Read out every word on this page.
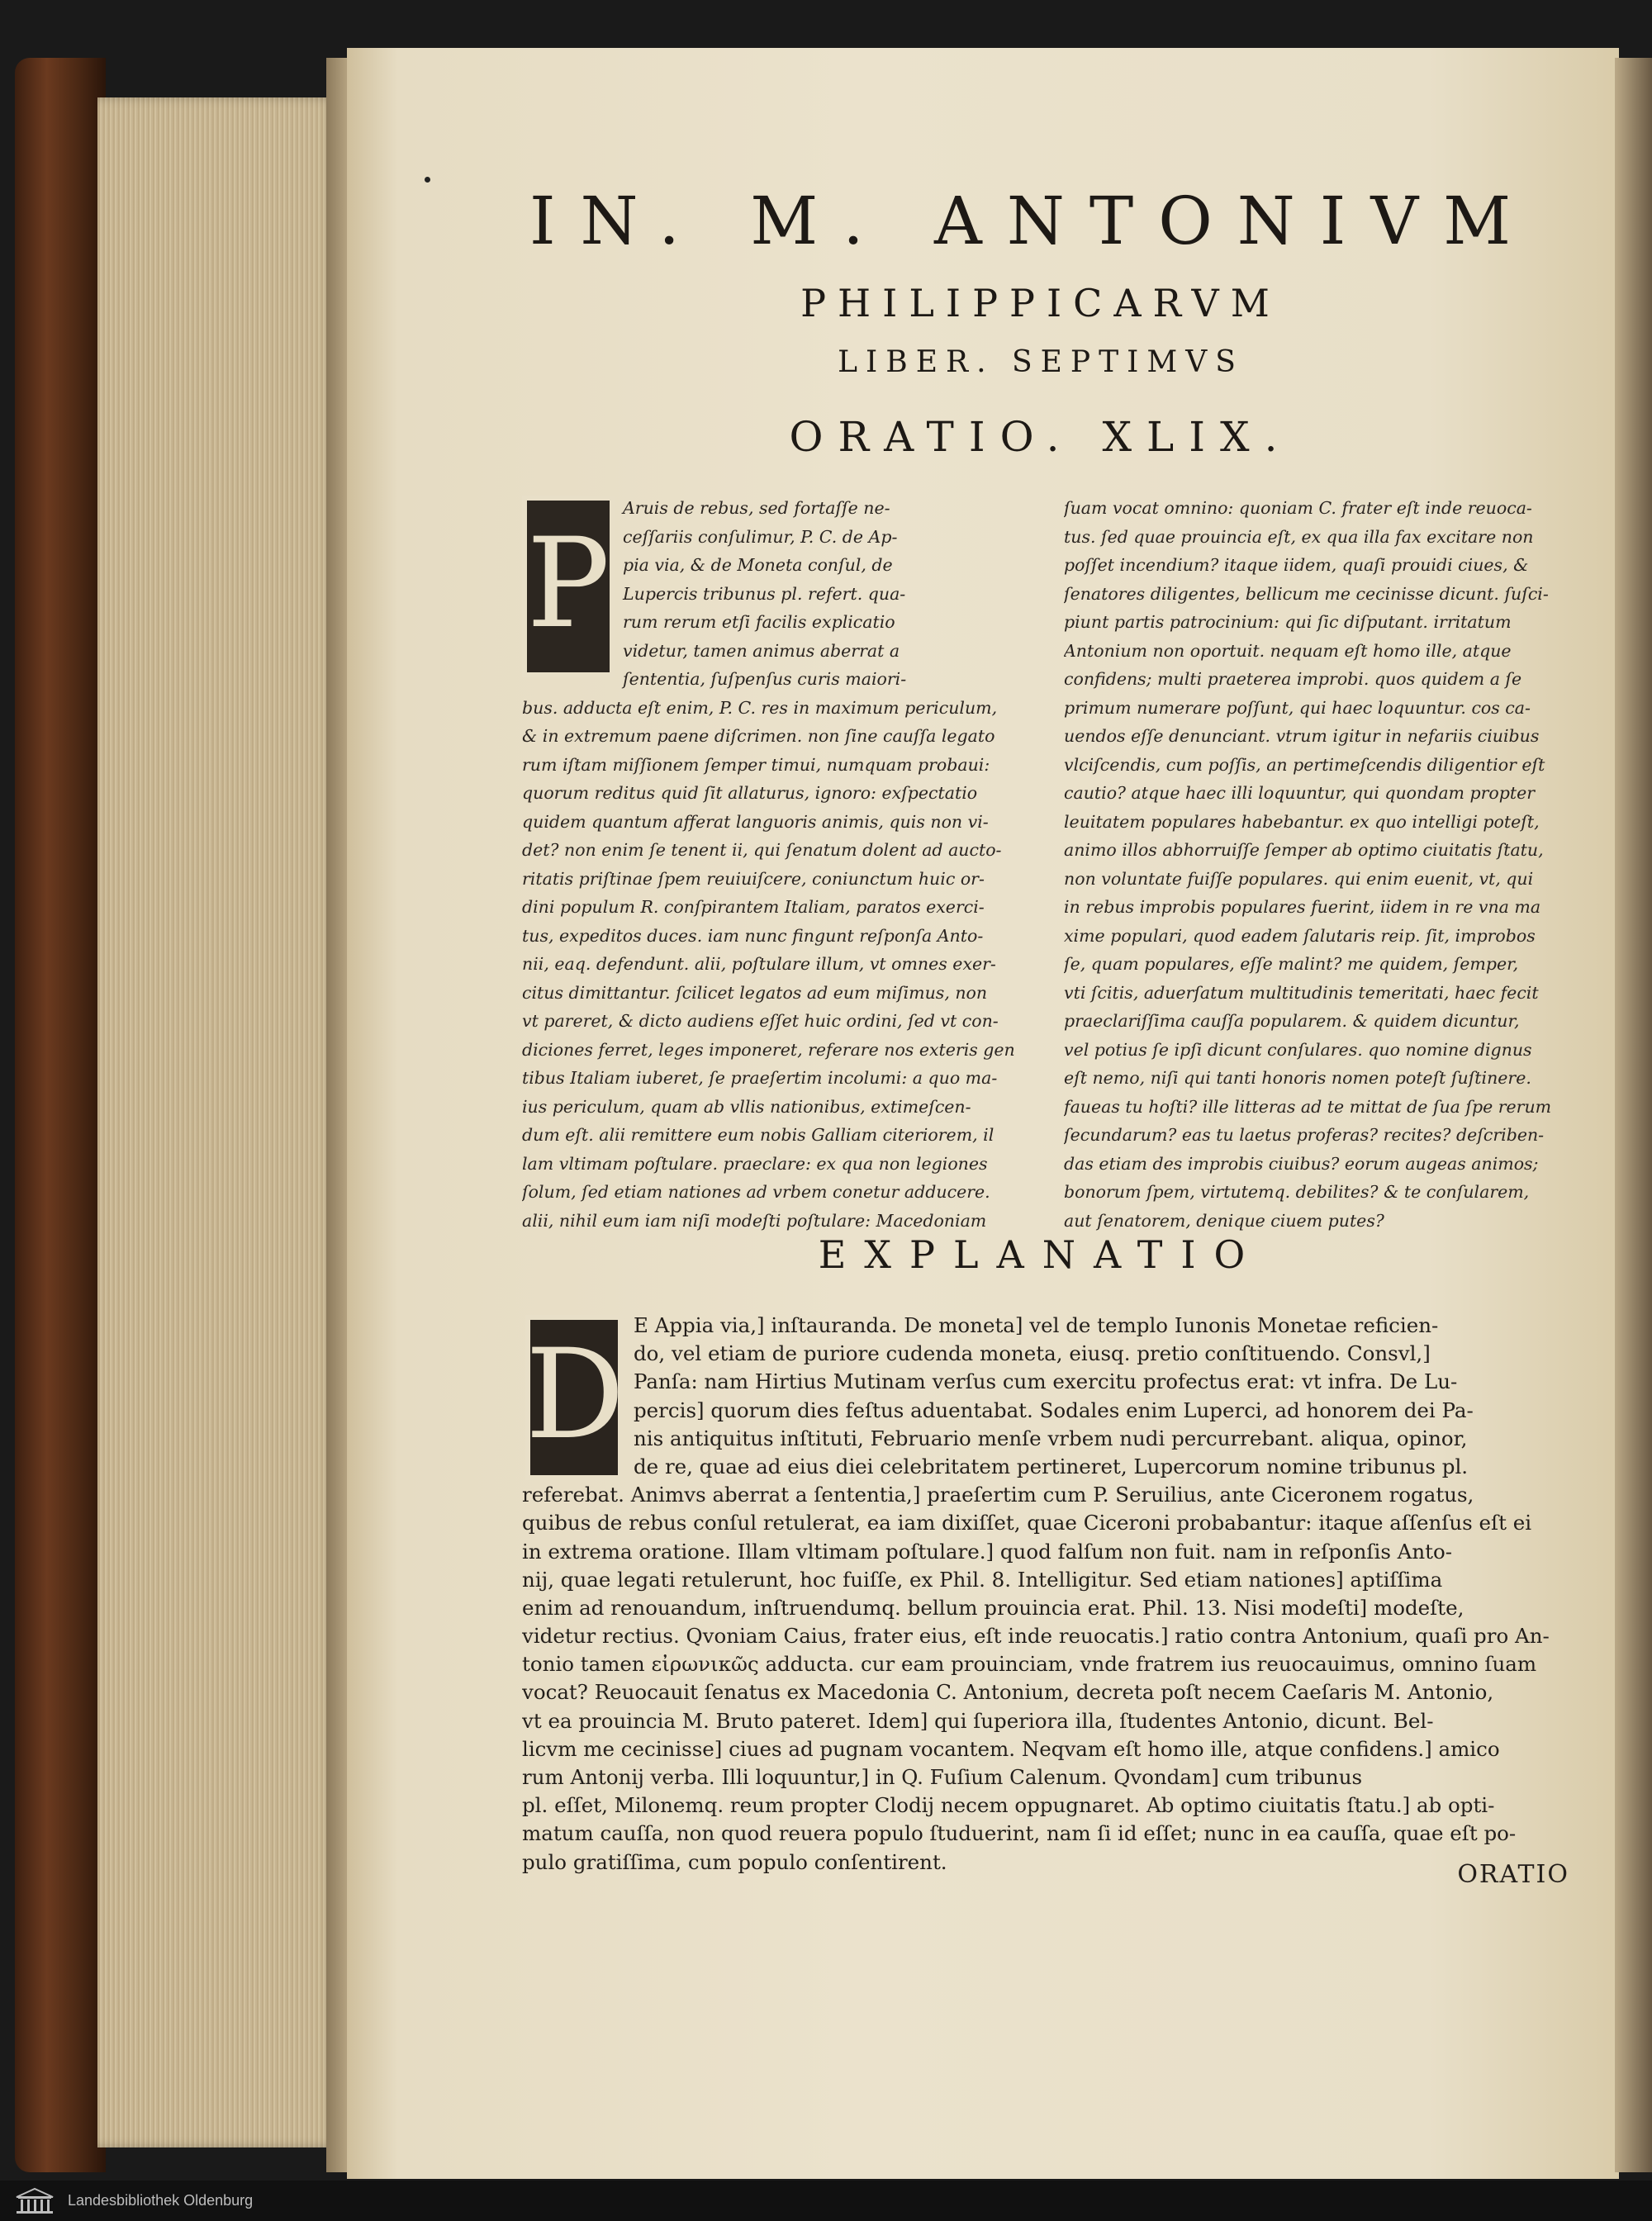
IN. M. ANTONIVM
PHILIPPICARVM
LIBER. SEPTIMVS
ORATIO. XLIX.
Aruis de rebus, sed fortaſſe ne-
ceſſariis conſulimur, P. C. de Ap-
pia via, & de Moneta conſul, de
Lupercis tribunus pl. refert. qua-
rum rerum etſi facilis explicatio
videtur, tamen animus aberrat a
ſententia, ſuſpenſus curis maiori-
bus. adducta eſt enim, P. C. res in maximum periculum,
& in extremum paene diſcrimen. non ſine cauſſa legato
rum iſtam miſſionem ſemper timui, numquam probaui:
quorum reditus quid ſit allaturus, ignoro: exſpectatio
quidem quantum afferat languoris animis, quis non vi-
det? non enim ſe tenent ii, qui ſenatum dolent ad aucto-
ritatis priſtinae ſpem reuiuiſcere, coniunctum huic or-
dini populum R. conſpirantem Italiam, paratos exerci-
tus, expeditos duces. iam nunc fingunt reſponſa Anto-
nii, eaq. defendunt. alii, poſtulare illum, vt omnes exer-
citus dimittantur. ſcilicet legatos ad eum miſimus, non
vt pareret, & dicto audiens eſſet huic ordini, ſed vt con-
diciones ferret, leges imponeret, referare nos exteris gen
tibus Italiam iuberet, ſe praeſertim incolumi: a quo ma-
ius periculum, quam ab vllis nationibus, extimeſcen-
dum eſt. alii remittere eum nobis Galliam citeriorem, il
lam vltimam poſtulare. praeclare: ex qua non legiones
ſolum, ſed etiam nationes ad vrbem conetur adducere.
alii, nihil eum iam niſi modeſti poſtulare: Macedoniam
ſuam vocat omnino: quoniam C. frater eſt inde reuoca-
tus. ſed quae prouincia eſt, ex qua illa fax excitare non
poſſet incendium? itaque iidem, quaſi prouidi ciues, &
ſenatores diligentes, bellicum me cecinisse dicunt. ſuſci-
piunt partis patrocinium: qui ſic diſputant. irritatum
Antonium non oportuit. nequam eſt homo ille, atque
confidens; multi praeterea improbi. quos quidem a ſe
primum numerare poſſunt, qui haec loquuntur. cos ca-
uendos eſſe denunciant. vtrum igitur in nefariis ciuibus
vlciſcendis, cum poſſis, an pertimeſcendis diligentior eſt
cautio? atque haec illi loquuntur, qui quondam propter
leuitatem populares habebantur. ex quo intelligi poteſt,
animo illos abhorruiſſe ſemper ab optimo ciuitatis ſtatu,
non voluntate fuiſſe populares. qui enim euenit, vt, qui
in rebus improbis populares fuerint, iidem in re vna ma
xime populari, quod eadem ſalutaris reip. ſit, improbos
ſe, quam populares, eſſe malint? me quidem, ſemper,
vti ſcitis, aduerſatum multitudinis temeritati, haec fecit
praeclariſſima cauſſa popularem. & quidem dicuntur,
vel potius ſe ipſi dicunt conſulares. quo nomine dignus
eſt nemo, niſi qui tanti honoris nomen poteſt ſuſtinere.
faueas tu hoſti? ille litteras ad te mittat de ſua ſpe rerum
ſecundarum? eas tu laetus proferas? recites? deſcriben-
das etiam des improbis ciuibus? eorum augeas animos;
bonorum ſpem, virtutemq. debilites? & te conſularem,
aut ſenatorem, denique ciuem putes?
P
EXPLANATIO
E Appia via,] inſtauranda. De moneta] vel de templo Iunonis Monetae reficien-
do, vel etiam de puriore cudenda moneta, eiusq. pretio conſtituendo. Consvl,]
Panſa: nam Hirtius Mutinam verſus cum exercitu profectus erat: vt infra. De Lu-
percis] quorum dies feſtus aduentabat. Sodales enim Luperci, ad honorem dei Pa-
nis antiquitus inſtituti, Februario menſe vrbem nudi percurrebant. aliqua, opinor,
de re, quae ad eius diei celebritatem pertineret, Lupercorum nomine tribunus pl.
referebat. Animvs aberrat a ſententia,] praeſertim cum P. Seruilius, ante Ciceronem rogatus,
quibus de rebus conſul retulerat, ea iam dixiſſet, quae Ciceroni probabantur: itaque aſſenſus eſt ei
in extrema oratione. Illam vltimam poſtulare.] quod falſum non fuit. nam in reſponſis Anto-
nij, quae legati retulerunt, hoc fuiſſe, ex Phil. 8. Intelligitur. Sed etiam nationes] aptiſſima
enim ad renouandum, inſtruendumq. bellum prouincia erat. Phil. 13. Nisi modeſti] modeſte,
videtur rectius. Qvoniam Caius, frater eius, eſt inde reuocatis.] ratio contra Antonium, quaſi pro An-
tonio tamen εἰρωνικῶς adducta. cur eam prouinciam, vnde fratrem ius reuocauimus, omnino ſuam
vocat? Reuocauit ſenatus ex Macedonia C. Antonium, decreta poſt necem Caeſaris M. Antonio,
vt ea prouincia M. Bruto pateret. Idem] qui ſuperiora illa, ſtudentes Antonio, dicunt. Bel-
licvm me cecinisse] ciues ad pugnam vocantem. Neqvam eſt homo ille, atque confidens.] amico
rum Antonij verba. Illi loquuntur,] in Q. Fuſium Calenum. Qvondam] cum tribunus
pl. eſſet, Milonemq. reum propter Clodij necem oppugnaret. Ab optimo ciuitatis ſtatu.] ab opti-
matum cauſſa, non quod reuera populo ſtuduerint, nam ſi id eſſet; nunc in ea cauſſa, quae eſt po-
pulo gratiſſima, cum populo conſentirent.
D
ORATIO
Landesbibliothek Oldenburg
